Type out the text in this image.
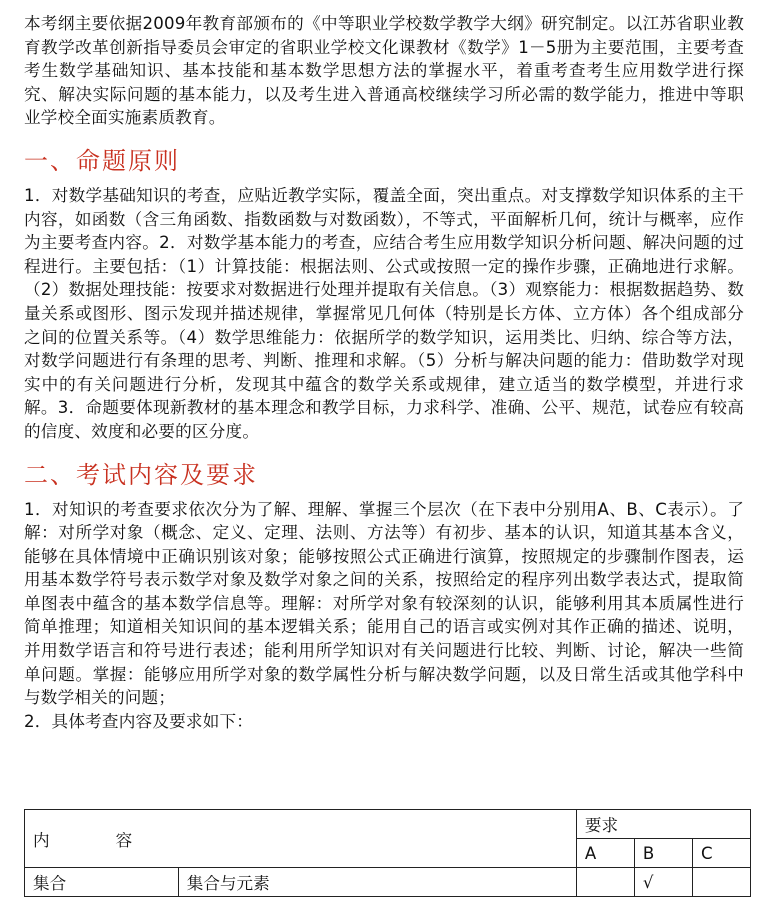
本考纲主要依据2009年教育部颁布的《中等职业学校数学教学大纲》研究制定。以江苏省职业教育教学改革创新指导委员会审定的省职业学校文化课教材《数学》1－5册为主要范围，主要考查考生数学基础知识、基本技能和基本数学思想方法的掌握水平，着重考查考生应用数学进行探究、解决实际问题的基本能力，以及考生进入普通高校继续学习所必需的数学能力，推进中等职业学校全面实施素质教育。

一、命题原则

1．对数学基础知识的考查，应贴近教学实际，覆盖全面，突出重点。对支撑数学知识体系的主干内容，如函数（含三角函数、指数函数与对数函数），不等式，平面解析几何，统计与概率，应作为主要考查内容。2．对数学基本能力的考查，应结合考生应用数学知识分析问题、解决问题的过程进行。主要包括：（1）计算技能：根据法则、公式或按照一定的操作步骤，正确地进行求解。（2）数据处理技能：按要求对数据进行处理并提取有关信息。（3）观察能力：根据数据趋势、数量关系或图形、图示发现并描述规律，掌握常见几何体（特别是长方体、立方体）各个组成部分之间的位置关系等。（4）数学思维能力：依据所学的数学知识，运用类比、归纳、综合等方法，对数学问题进行有条理的思考、判断、推理和求解。（5）分析与解决问题的能力：借助数学对现实中的有关问题进行分析，发现其中蕴含的数学关系或规律，建立适当的数学模型，并进行求解。3．命题要体现新教材的基本理念和教学目标，力求科学、准确、公平、规范，试卷应有较高的信度、效度和必要的区分度。

二、考试内容及要求

1．对知识的考查要求依次分为了解、理解、掌握三个层次（在下表中分别用A、B、C表示）。了解：对所学对象（概念、定义、定理、法则、方法等）有初步、基本的认识，知道其基本含义，能够在具体情境中正确识别该对象；能够按照公式正确进行演算，按照规定的步骤制作图表，运用基本数学符号表示数学对象及数学对象之间的关系，按照给定的程序列出数学表达式，提取简单图表中蕴含的基本数学信息等。理解：对所学对象有较深刻的认识，能够利用其本质属性进行简单推理；知道相关知识间的基本逻辑关系；能用自己的语言或实例对其作正确的描述、说明，并用数学语言和符号进行表述；能利用所学知识对有关问题进行比较、判断、讨论，解决一些简单问题。掌握：能够应用所学对象的数学属性分析与解决数学问题，以及日常生活或其他学科中与数学相关的问题；

2．具体考查内容及要求如下：

内 容		要求		
		A	B	C
集合	集合与元素		√	
